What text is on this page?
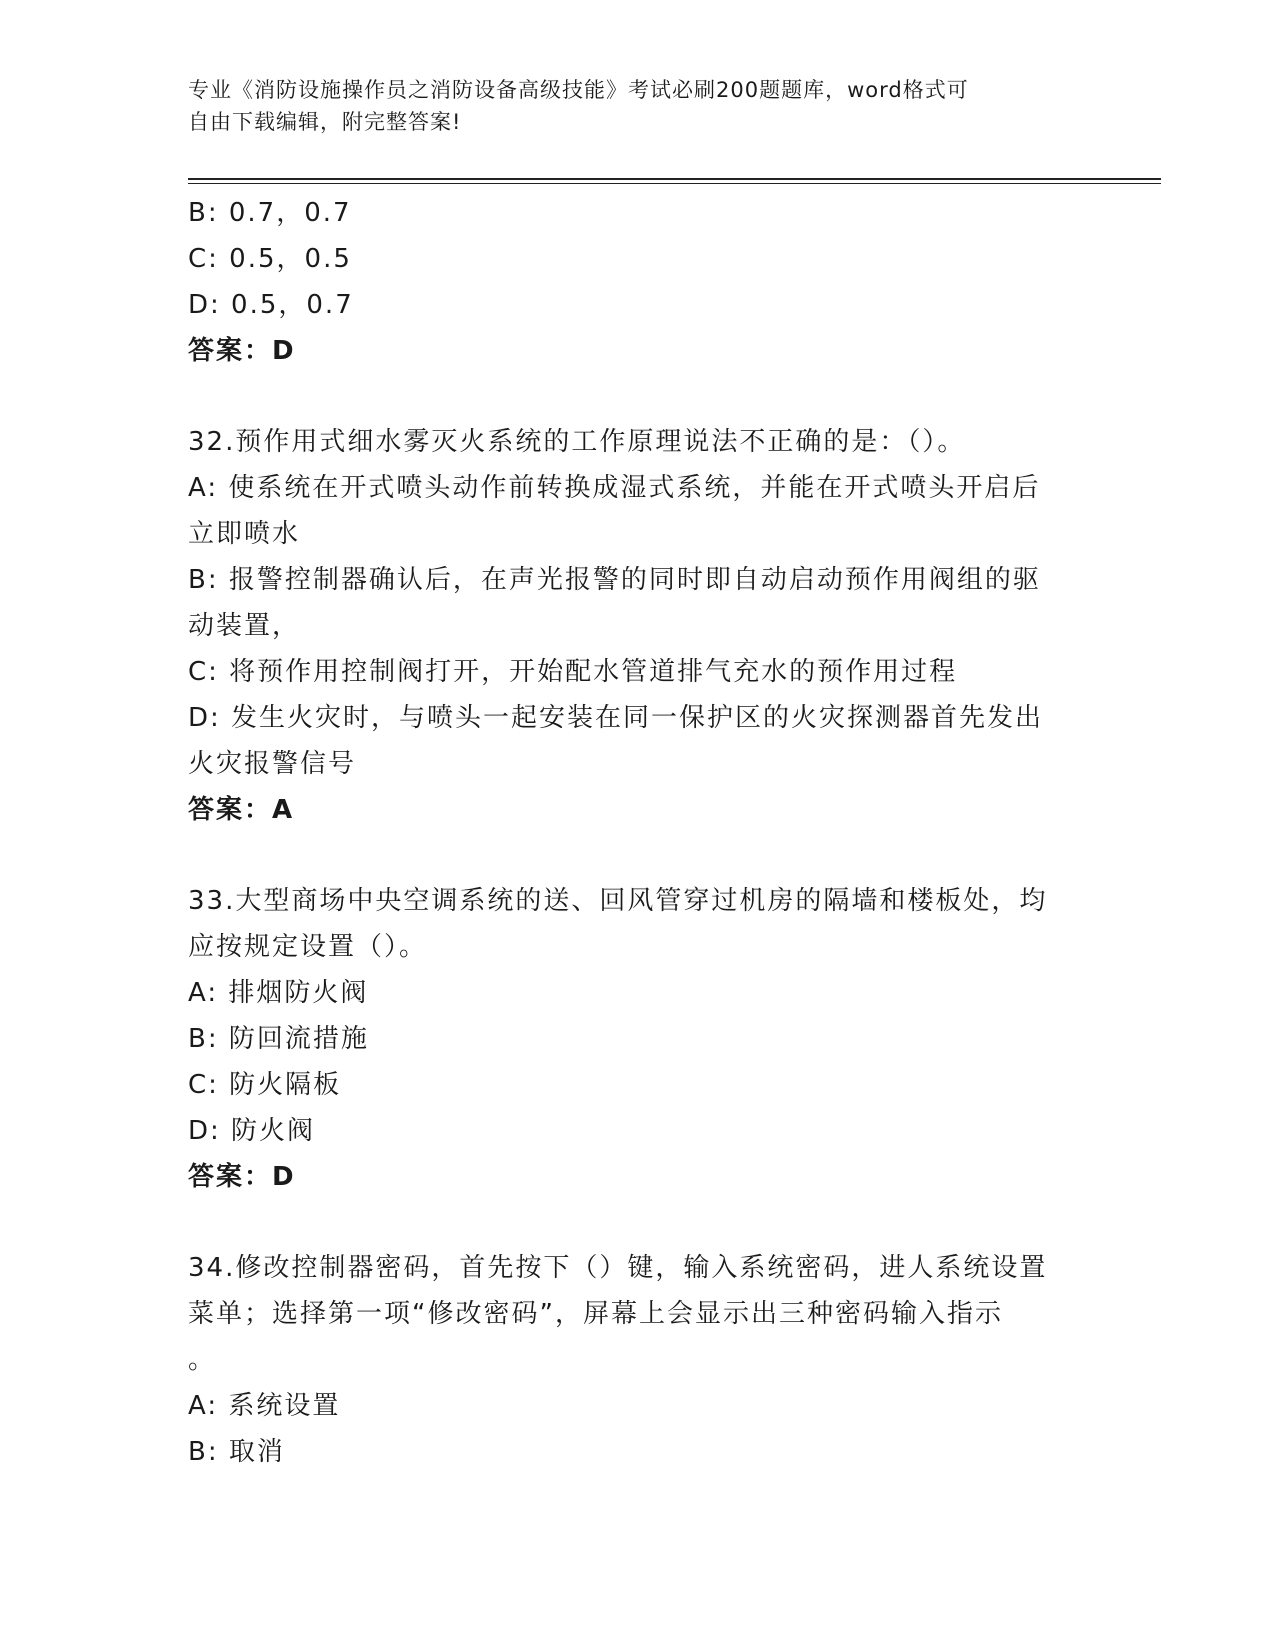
专业《消防设施操作员之消防设备高级技能》考试必刷200题题库，word格式可
自由下载编辑，附完整答案!

B: 0.7，0.7

C: 0.5，0.5

D: 0.5，0.7

答案：D

32.预作用式细水雾灭火系统的工作原理说法不正确的是：（）。

A: 使系统在开式喷头动作前转换成湿式系统，并能在开式喷头开启后

立即喷水

B: 报警控制器确认后，在声光报警的同时即自动启动预作用阀组的驱

动装置，

C: 将预作用控制阀打开，开始配水管道排气充水的预作用过程

D: 发生火灾时，与喷头一起安装在同一保护区的火灾探测器首先发出

火灾报警信号

答案：A

33.大型商场中央空调系统的送、回风管穿过机房的隔墙和楼板处，均

应按规定设置（）。

A: 排烟防火阀

B: 防回流措施

C: 防火隔板

D: 防火阀

答案：D

34.修改控制器密码，首先按下（）键，输入系统密码，进人系统设置

菜单；选择第一项“修改密码”，屏幕上会显示出三种密码输入指示

。

A: 系统设置

B: 取消
